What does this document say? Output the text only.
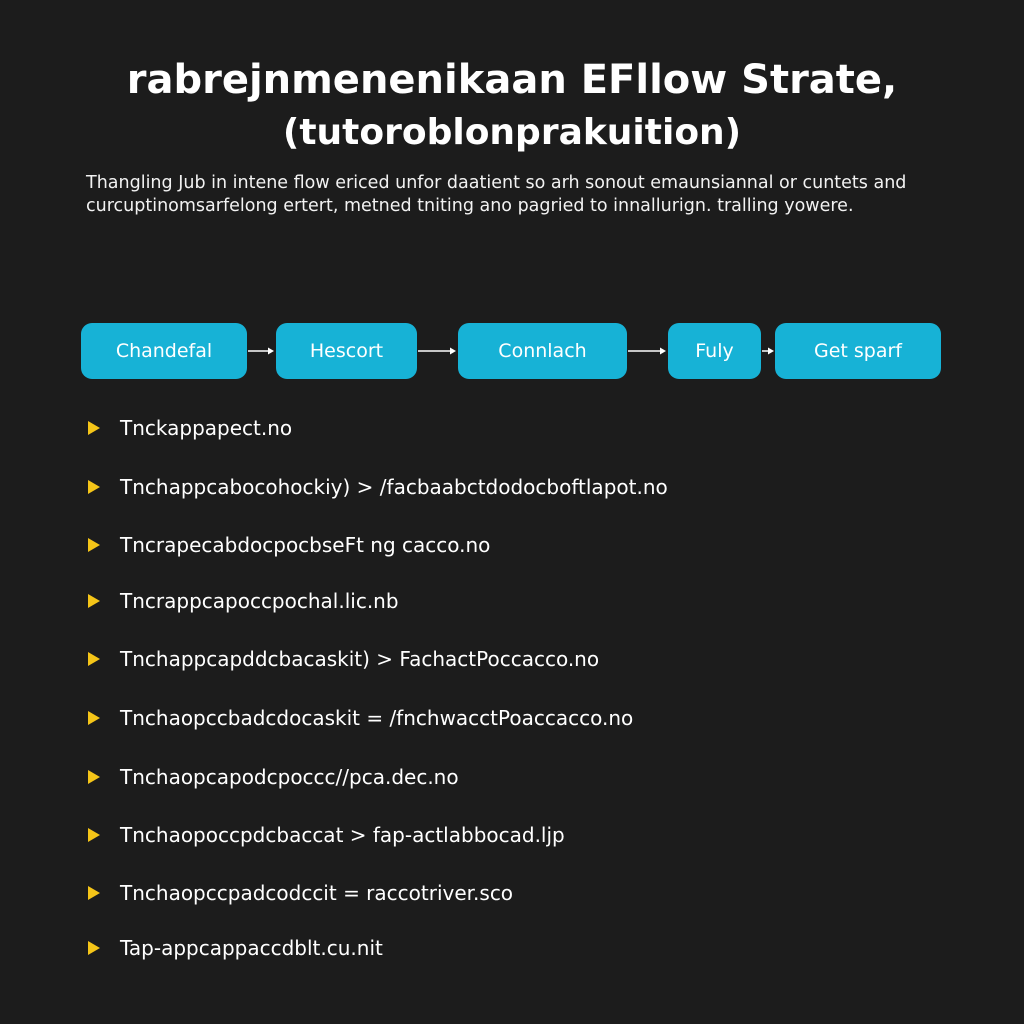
rabrejnmenenikaan EFllow Strate,
(tutoroblonprakuition)

Thangling Jub in intene flow ericed unfor daatient so arh sonout emaunsiannal or cuntets and

curcuptinomsarfelong ertert, metned tniting ano pagried to innallurign. tralling yowere.

Chandefal	Hescort	Connlach	Fuly	Get sparf
Tnckappapect.no
Tnchappcabocohockiy) > /facbaabctdodocboftlapot.no
TncrapecabdocpocbseFt ng cacco.no
Tncrappcapoccpochal.lic.nb
Tnchappcapddcbacaskit) > FachactPoccacco.no
Tnchaopccbadcdocaskit = /fnchwacctPoaccacco.no
Tnchaopcapodcpoccc//pca.dec.no
Tnchaopoccpdcbaccat > fap-actlabbocad.ljp
Tnchaopccpadcodccit = raccotriver.sco
Tap-appcappaccdblt.cu.nit
